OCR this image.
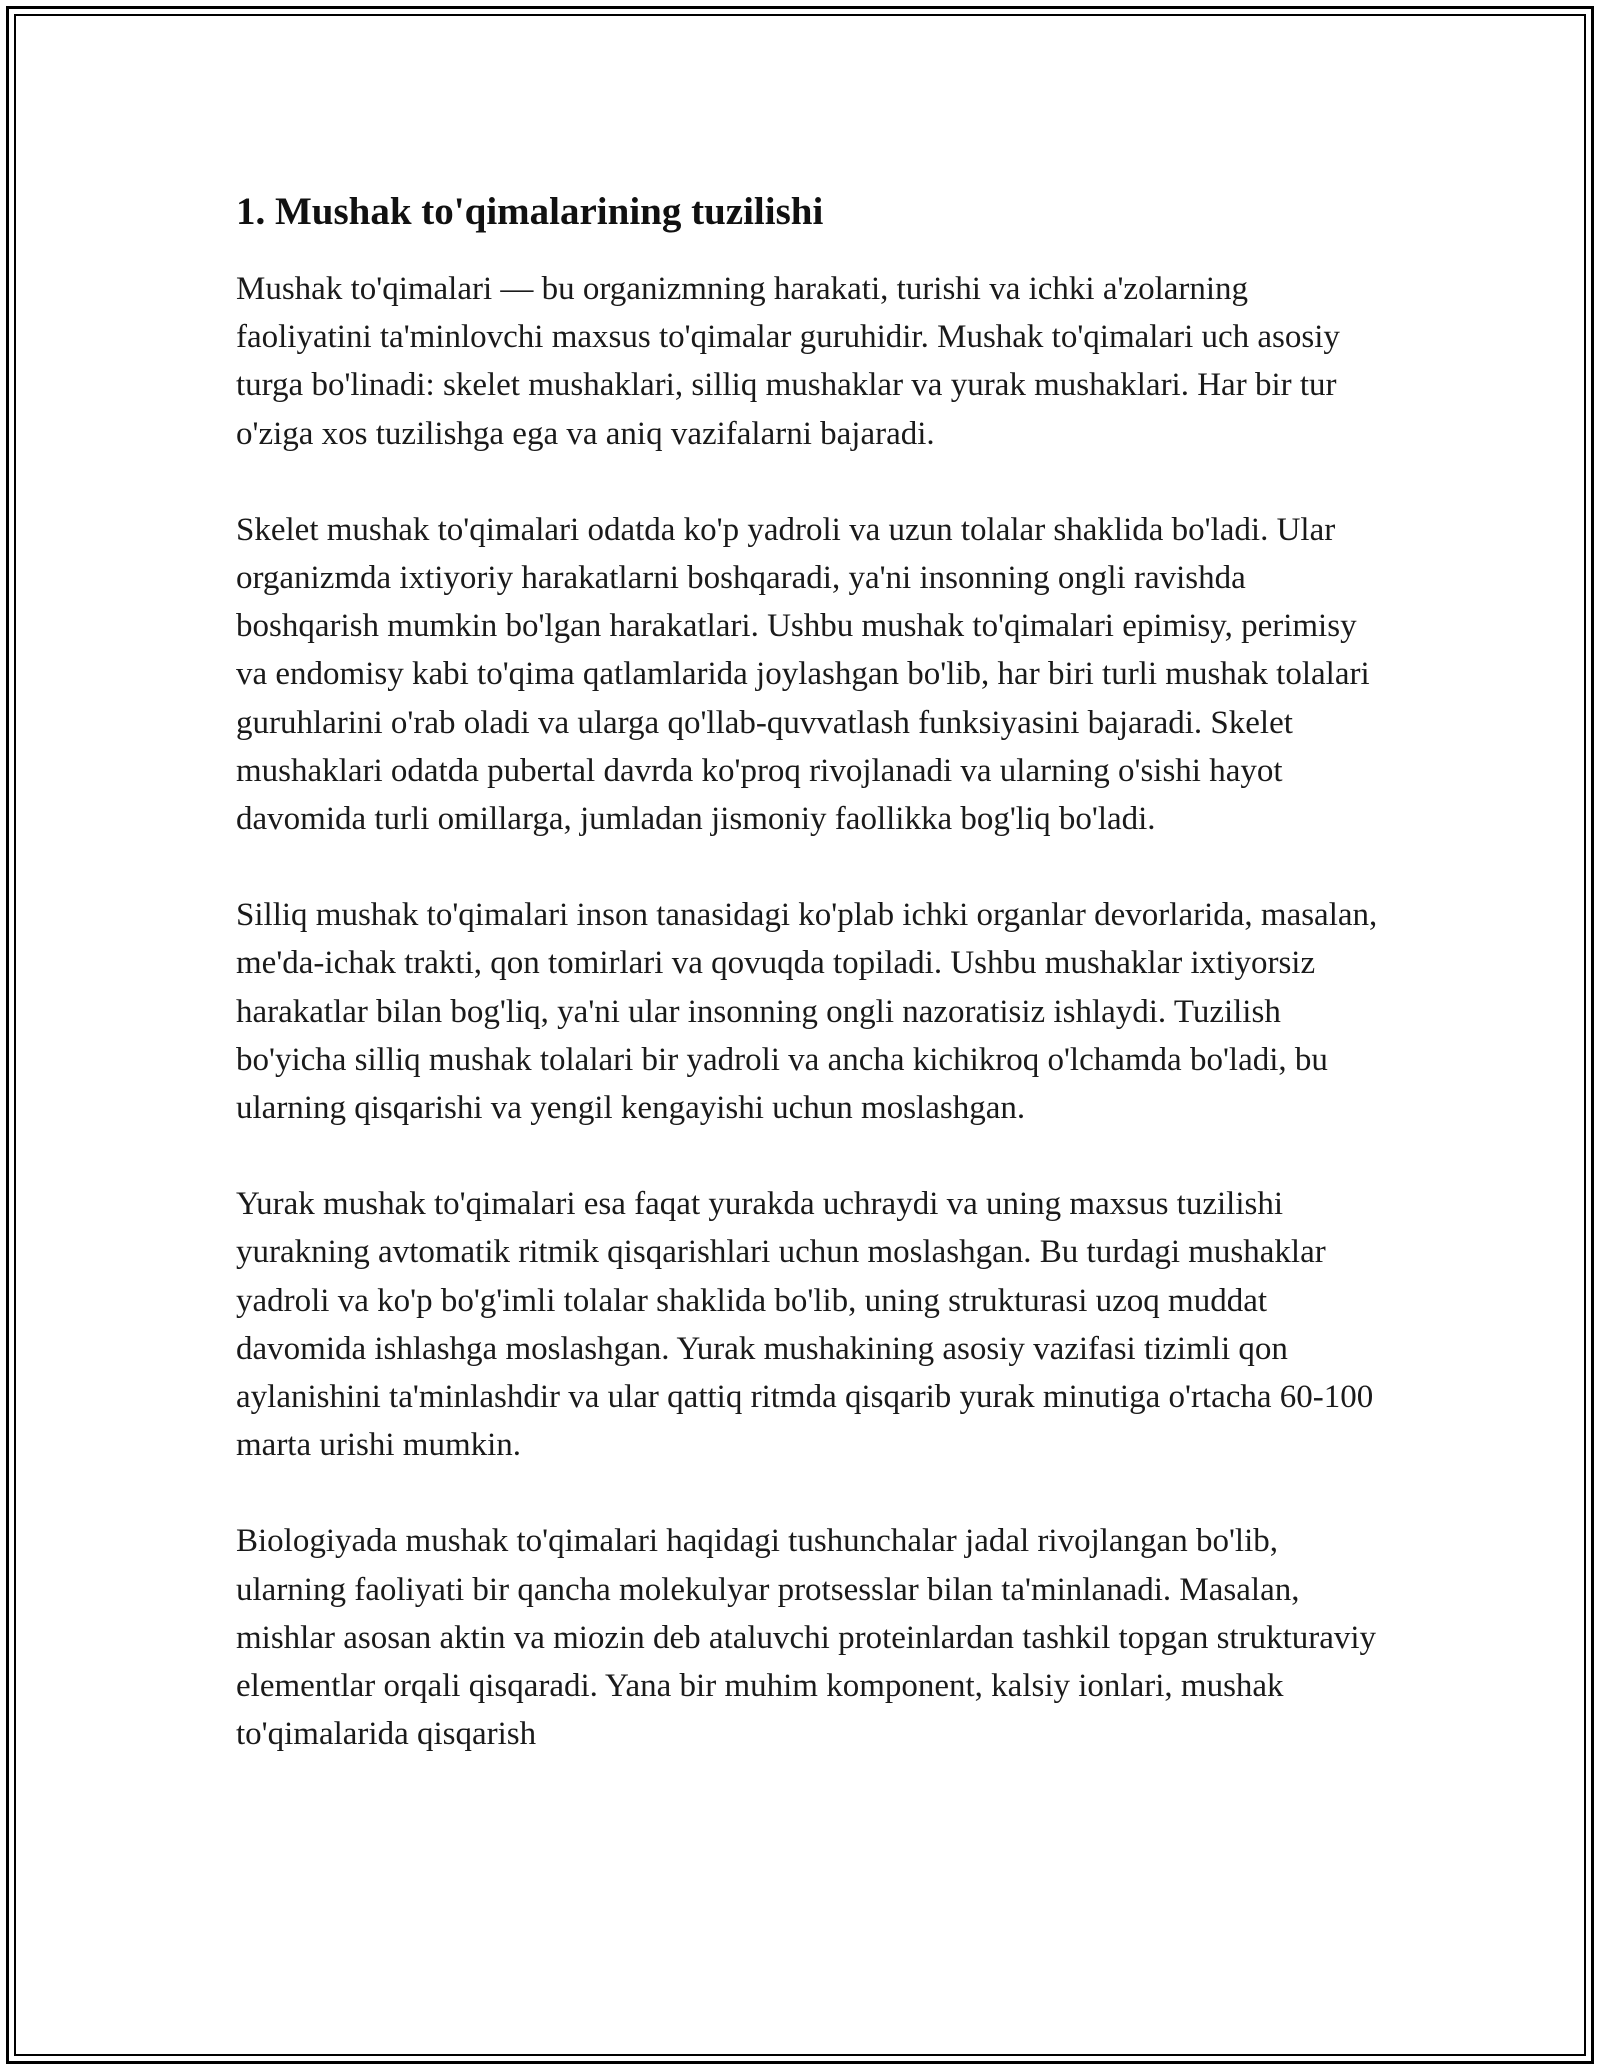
1. Mushak to'qimalarining tuzilishi

Mushak to'qimalari — bu organizmning harakati, turishi va ichki a'zolarning faoliyatini ta'minlovchi maxsus to'qimalar guruhidir. Mushak to'qimalari uch asosiy turga bo'linadi: skelet mushaklari, silliq mushaklar va yurak mushaklari. Har bir tur o'ziga xos tuzilishga ega va aniq vazifalarni bajaradi.

Skelet mushak to'qimalari odatda ko'p yadroli va uzun tolalar shaklida bo'ladi. Ular organizmda ixtiyoriy harakatlarni boshqaradi, ya'ni insonning ongli ravishda boshqarish mumkin bo'lgan harakatlari. Ushbu mushak to'qimalari epimisy, perimisy va endomisy kabi to'qima qatlamlarida joylashgan bo'lib, har biri turli mushak tolalari guruhlarini o'rab oladi va ularga qo'llab-quvvatlash funksiyasini bajaradi. Skelet mushaklari odatda pubertal davrda ko'proq rivojlanadi va ularning o'sishi hayot davomida turli omillarga, jumladan jismoniy faollikka bog'liq bo'ladi.

Silliq mushak to'qimalari inson tanasidagi ko'plab ichki organlar devorlarida, masalan, me'da-ichak trakti, qon tomirlari va qovuqda topiladi. Ushbu mushaklar ixtiyorsiz harakatlar bilan bog'liq, ya'ni ular insonning ongli nazoratisiz ishlaydi. Tuzilish bo'yicha silliq mushak tolalari bir yadroli va ancha kichikroq o'lchamda bo'ladi, bu ularning qisqarishi va yengil kengayishi uchun moslashgan.

Yurak mushak to'qimalari esa faqat yurakda uchraydi va uning maxsus tuzilishi yurakning avtomatik ritmik qisqarishlari uchun moslashgan. Bu turdagi mushaklar yadroli va ko'p bo'g'imli tolalar shaklida bo'lib, uning strukturasi uzoq muddat davomida ishlashga moslashgan. Yurak mushakining asosiy vazifasi tizimli qon aylanishini ta'minlashdir va ular qattiq ritmda qisqarib yurak minutiga o'rtacha 60-100 marta urishi mumkin.

Biologiyada mushak to'qimalari haqidagi tushunchalar jadal rivojlangan bo'lib, ularning faoliyati bir qancha molekulyar protsesslar bilan ta'minlanadi. Masalan, mishlar asosan aktin va miozin deb ataluvchi proteinlardan tashkil topgan strukturaviy elementlar orqali qisqaradi. Yana bir muhim komponent, kalsiy ionlari, mushak to'qimalarida qisqarish
